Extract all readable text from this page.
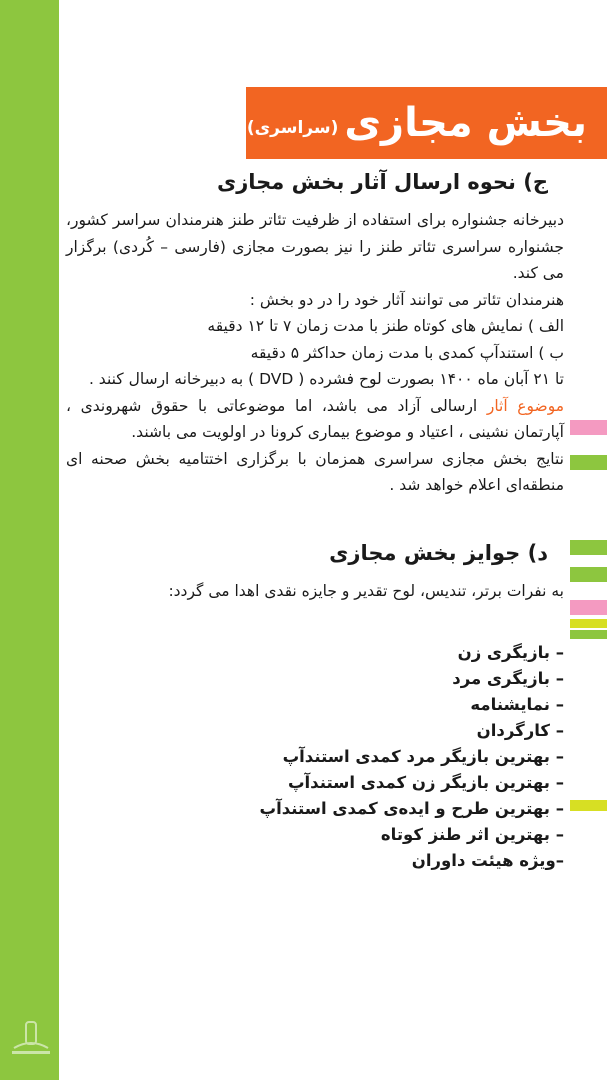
بخش مجازی
(سراسری)
ج) نحوه ارسال آثار بخش مجازی

دبیرخانه جشنواره برای استفاده از ظرفیت تئاتر طنز هنرمندان سراسر کشور، جشنواره سراسری تئاتر طنز را نیز بصورت مجازی (فارسی – کُردی) برگزار می کند.

هنرمندان تئاتر می توانند آثار خود را در دو بخش :

الف ) نمایش های کوتاه طنز با مدت زمان ۷ تا ۱۲ دقیقه

ب ) استندآپ کمدی با مدت زمان حداکثر ۵ دقیقه

تا ۲۱ آبان ماه ۱۴۰۰ بصورت لوح فشرده ( DVD ) به دبیرخانه ارسال کنند .

موضوع آثار ارسالی آزاد می باشد، اما موضوعاتی با حقوق شهروندی ، آپارتمان نشینی ، اعتیاد و موضوع بیماری کرونا در اولویت می باشند.

نتایج بخش مجازی سراسری همزمان با برگزاری اختتامیه بخش صحنه ای منطقه‌ای اعلام خواهد شد .

د) جوایز بخش مجازی

به نفرات برتر، تندیس، لوح تقدیر و جایزه نقدی اهدا می گردد:

– بازیگری زن
– بازیگری مرد
– نمایشنامه
– کارگردان
– بهترین بازیگر مرد کمدی استندآپ
– بهترین بازیگر زن کمدی استندآپ
– بهترین طرح و ایده‌ی کمدی استندآپ
– بهترین اثر طنز کوتاه
–ویژه هیئت داوران
